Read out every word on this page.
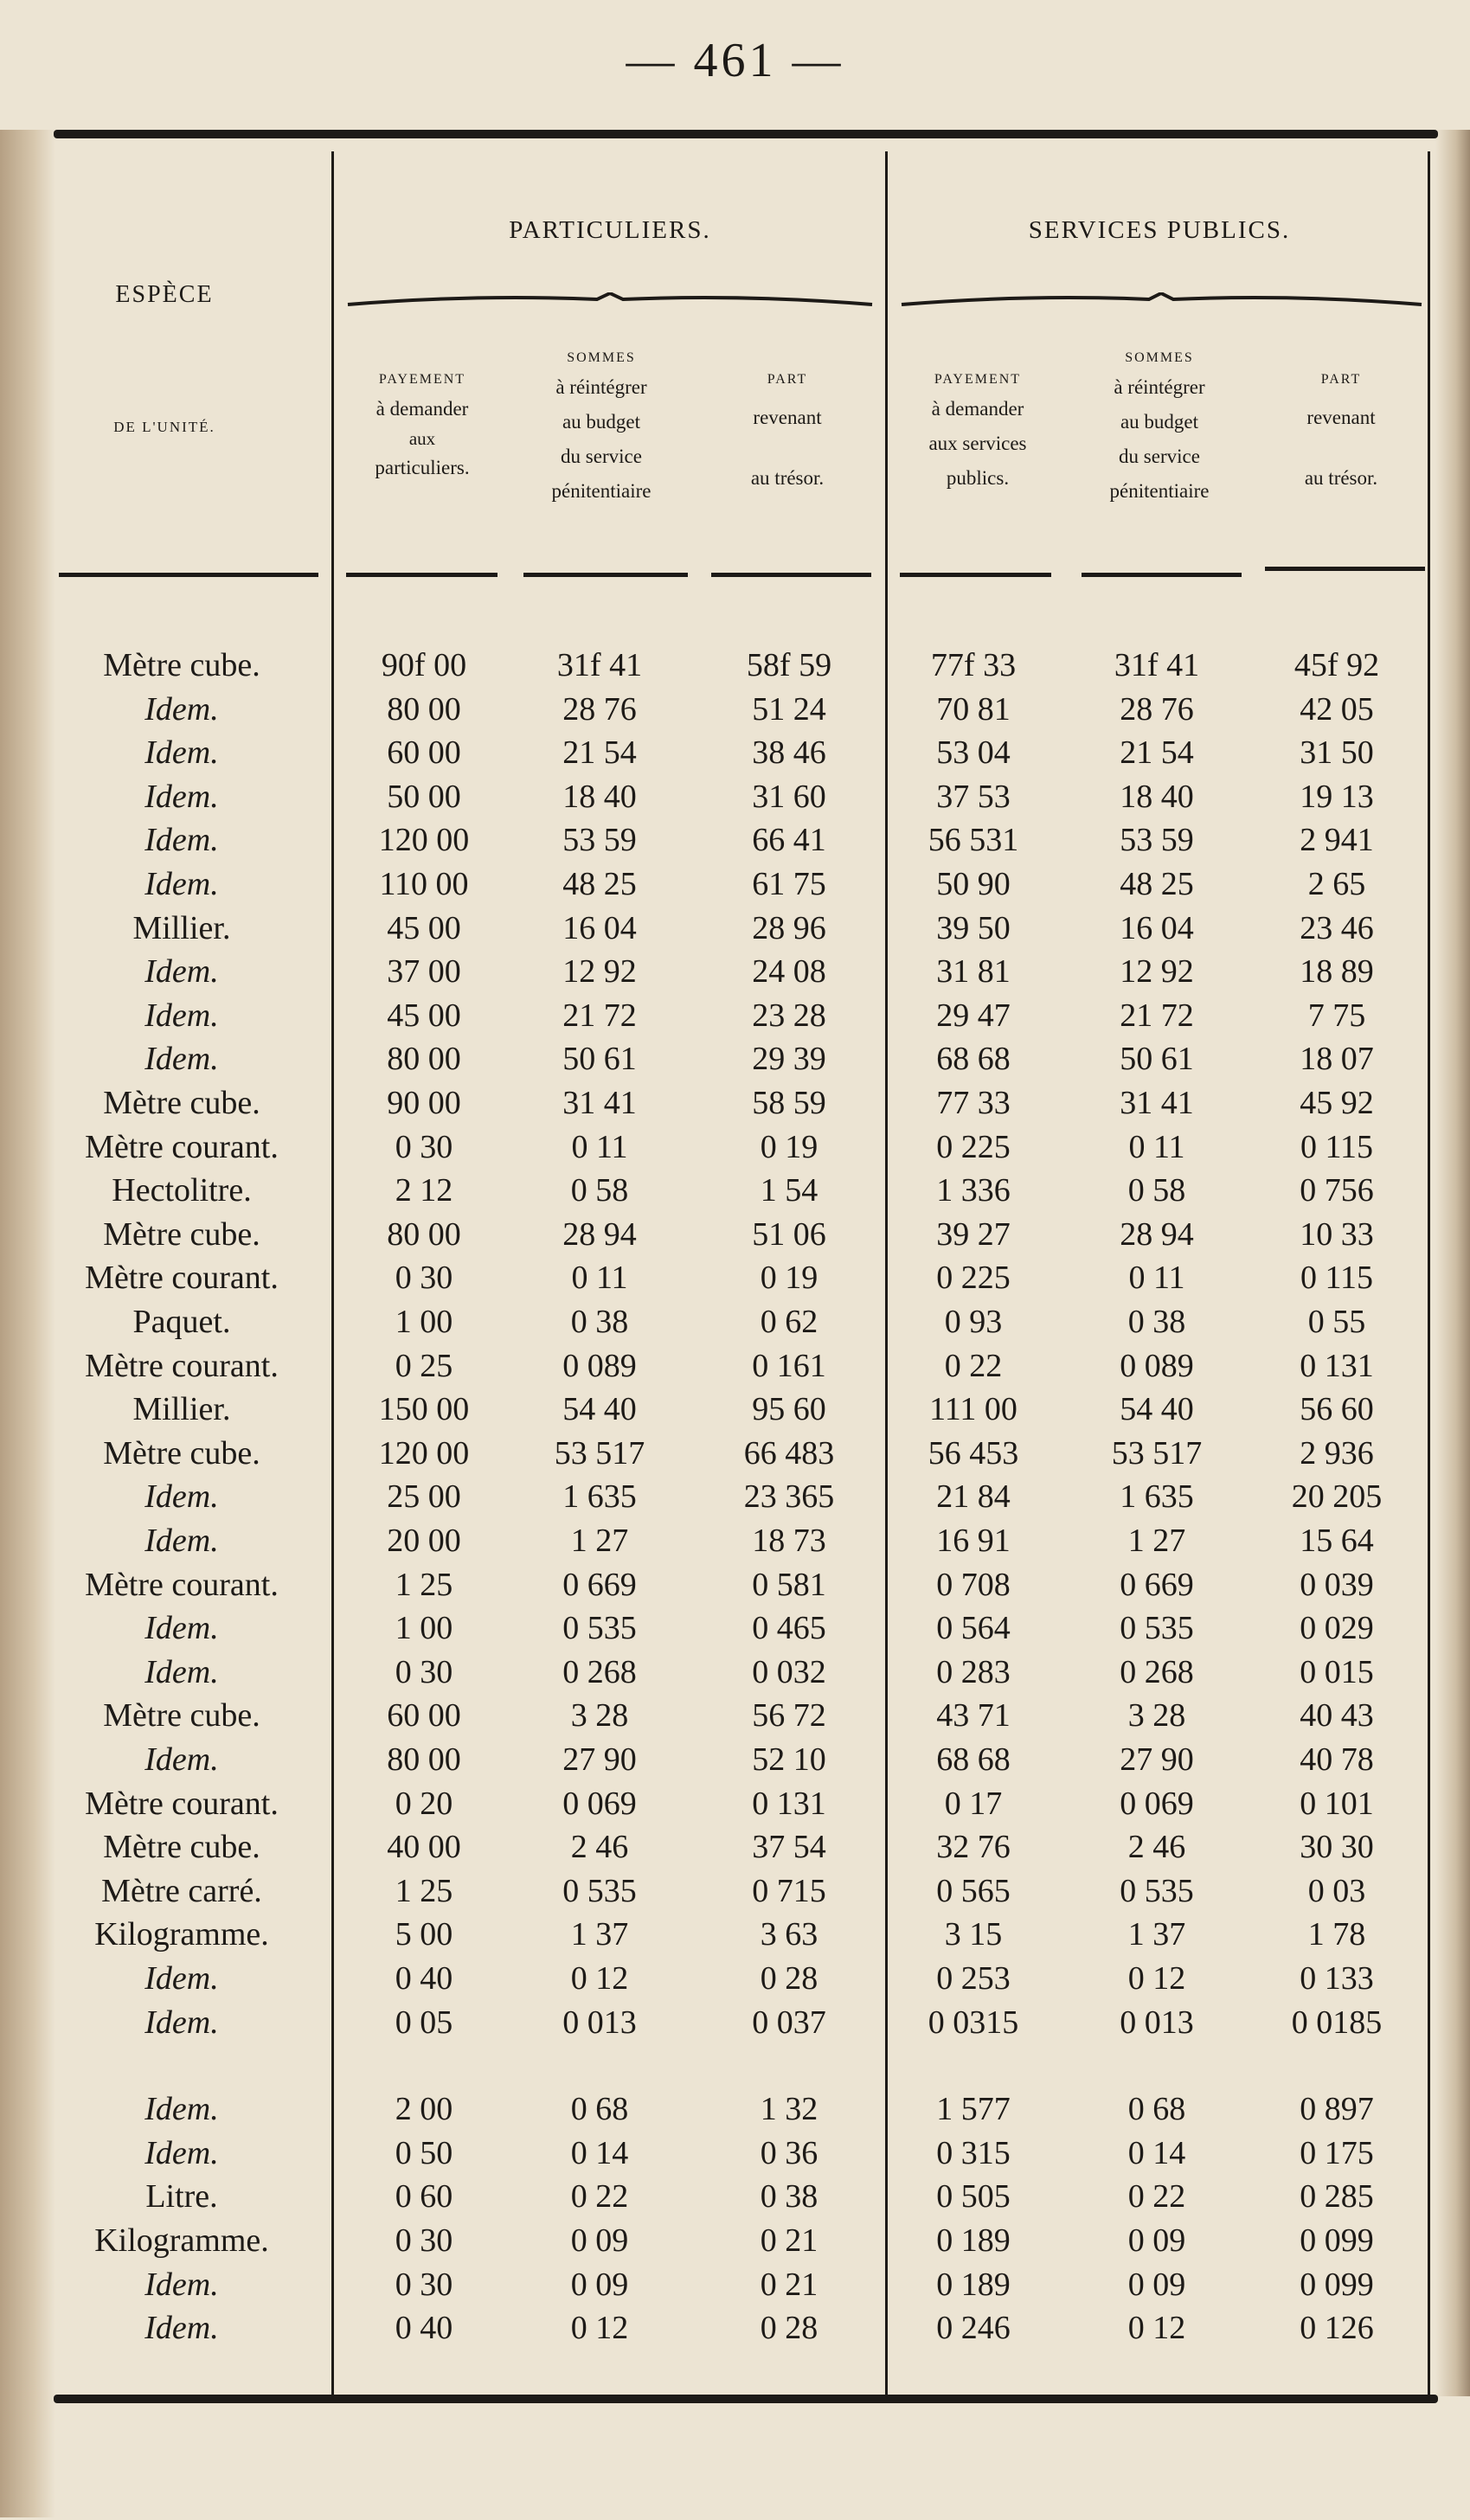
— 461 —
ESPÈCE
DE L'UNITÉ.
PARTICULIERS.	SERVICES PUBLICS.
PAYEMENT
à demander
aux
particuliers.
SOMMES
à réintégrer
au budget
du service
pénitentiaire
PART
revenant
au trésor.
PAYEMENT
à demander
aux services
publics.
SOMMES
à réintégrer
au budget
du service
pénitentiaire
PART
revenant
au trésor.
Mètre cube.	90f 00	31f 41	58f 59	77f 33	31f 41	45f 92
Idem.	80 00	28 76	51 24	70 81	28 76	42 05
Idem.	60 00	21 54	38 46	53 04	21 54	31 50
Idem.	50 00	18 40	31 60	37 53	18 40	19 13
Idem.	120 00	53 59	66 41	56 531	53 59	2 941
Idem.	110 00	48 25	61 75	50 90	48 25	2 65
Millier.	45 00	16 04	28 96	39 50	16 04	23 46
Idem.	37 00	12 92	24 08	31 81	12 92	18 89
Idem.	45 00	21 72	23 28	29 47	21 72	7 75
Idem.	80 00	50 61	29 39	68 68	50 61	18 07
Mètre cube.	90 00	31 41	58 59	77 33	31 41	45 92
Mètre courant.	0 30	0 11	0 19	0 225	0 11	0 115
Hectolitre.	2 12	0 58	1 54	1 336	0 58	0 756
Mètre cube.	80 00	28 94	51 06	39 27	28 94	10 33
Mètre courant.	0 30	0 11	0 19	0 225	0 11	0 115
Paquet.	1 00	0 38	0 62	0 93	0 38	0 55
Mètre courant.	0 25	0 089	0 161	0 22	0 089	0 131
Millier.	150 00	54 40	95 60	111 00	54 40	56 60
Mètre cube.	120 00	53 517	66 483	56 453	53 517	2 936
Idem.	25 00	1 635	23 365	21 84	1 635	20 205
Idem.	20 00	1 27	18 73	16 91	1 27	15 64
Mètre courant.	1 25	0 669	0 581	0 708	0 669	0 039
Idem.	1 00	0 535	0 465	0 564	0 535	0 029
Idem.	0 30	0 268	0 032	0 283	0 268	0 015
Mètre cube.	60 00	3 28	56 72	43 71	3 28	40 43
Idem.	80 00	27 90	52 10	68 68	27 90	40 78
Mètre courant.	0 20	0 069	0 131	0 17	0 069	0 101
Mètre cube.	40 00	2 46	37 54	32 76	2 46	30 30
Mètre carré.	1 25	0 535	0 715	0 565	0 535	0 03
Kilogramme.	5 00	1 37	3 63	3 15	1 37	1 78
Idem.	0 40	0 12	0 28	0 253	0 12	0 133
Idem.	0 05	0 013	0 037	0 0315	0 013	0 0185
Idem.	2 00	0 68	1 32	1 577	0 68	0 897
Idem.	0 50	0 14	0 36	0 315	0 14	0 175
Litre.	0 60	0 22	0 38	0 505	0 22	0 285
Kilogramme.	0 30	0 09	0 21	0 189	0 09	0 099
Idem.	0 30	0 09	0 21	0 189	0 09	0 099
Idem.	0 40	0 12	0 28	0 246	0 12	0 126
